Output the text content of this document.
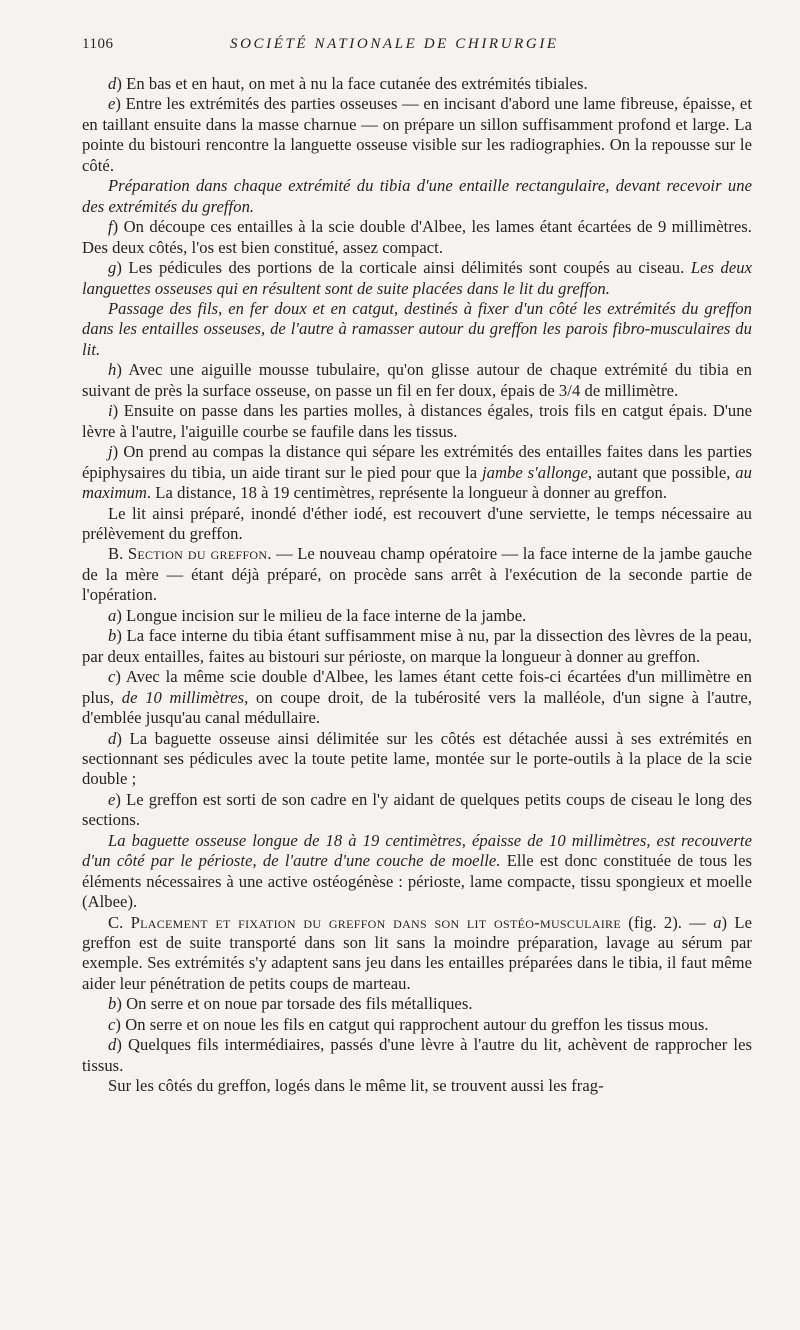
1106	SOCIÉTÉ NATIONALE DE CHIRURGIE

d) En bas et en haut, on met à nu la face cutanée des extrémités tibiales.

e) Entre les extrémités des parties osseuses — en incisant d'abord une lame fibreuse, épaisse, et en taillant ensuite dans la masse charnue — on prépare un sillon suffisamment profond et large. La pointe du bistouri rencontre la languette osseuse visible sur les radiographies. On la repousse sur le côté.

Préparation dans chaque extrémité du tibia d'une entaille rectangulaire, devant recevoir une des extrémités du greffon.

f) On découpe ces entailles à la scie double d'Albee, les lames étant écartées de 9 millimètres. Des deux côtés, l'os est bien constitué, assez compact.

g) Les pédicules des portions de la corticale ainsi délimités sont coupés au ciseau. Les deux languettes osseuses qui en résultent sont de suite placées dans le lit du greffon.

Passage des fils, en fer doux et en catgut, destinés à fixer d'un côté les extrémités du greffon dans les entailles osseuses, de l'autre à ramasser autour du greffon les parois fibro-musculaires du lit.

h) Avec une aiguille mousse tubulaire, qu'on glisse autour de chaque extrémité du tibia en suivant de près la surface osseuse, on passe un fil en fer doux, épais de 3/4 de millimètre.

i) Ensuite on passe dans les parties molles, à distances égales, trois fils en catgut épais. D'une lèvre à l'autre, l'aiguille courbe se faufile dans les tissus.

j) On prend au compas la distance qui sépare les extrémités des entailles faites dans les parties épiphysaires du tibia, un aide tirant sur le pied pour que la jambe s'allonge, autant que possible, au maximum. La distance, 18 à 19 centimètres, représente la longueur à donner au greffon.

Le lit ainsi préparé, inondé d'éther iodé, est recouvert d'une serviette, le temps nécessaire au prélèvement du greffon.

B. Section du greffon. — Le nouveau champ opératoire — la face interne de la jambe gauche de la mère — étant déjà préparé, on procède sans arrêt à l'exécution de la seconde partie de l'opération.

a) Longue incision sur le milieu de la face interne de la jambe.

b) La face interne du tibia étant suffisamment mise à nu, par la dissection des lèvres de la peau, par deux entailles, faites au bistouri sur périoste, on marque la longueur à donner au greffon.

c) Avec la même scie double d'Albee, les lames étant cette fois-ci écartées d'un millimètre en plus, de 10 millimètres, on coupe droit, de la tubérosité vers la malléole, d'un signe à l'autre, d'emblée jusqu'au canal médullaire.

d) La baguette osseuse ainsi délimitée sur les côtés est détachée aussi à ses extrémités en sectionnant ses pédicules avec la toute petite lame, montée sur le porte-outils à la place de la scie double ;

e) Le greffon est sorti de son cadre en l'y aidant de quelques petits coups de ciseau le long des sections.

La baguette osseuse longue de 18 à 19 centimètres, épaisse de 10 millimètres, est recouverte d'un côté par le périoste, de l'autre d'une couche de moelle. Elle est donc constituée de tous les éléments nécessaires à une active ostéogénèse : périoste, lame compacte, tissu spongieux et moelle (Albee).

C. Placement et fixation du greffon dans son lit ostéo-musculaire (fig. 2). — a) Le greffon est de suite transporté dans son lit sans la moindre préparation, lavage au sérum par exemple. Ses extrémités s'y adaptent sans jeu dans les entailles préparées dans le tibia, il faut même aider leur pénétration de petits coups de marteau.

b) On serre et on noue par torsade des fils métalliques.

c) On serre et on noue les fils en catgut qui rapprochent autour du greffon les tissus mous.

d) Quelques fils intermédiaires, passés d'une lèvre à l'autre du lit, achèvent de rapprocher les tissus.

Sur les côtés du greffon, logés dans le même lit, se trouvent aussi les frag-
